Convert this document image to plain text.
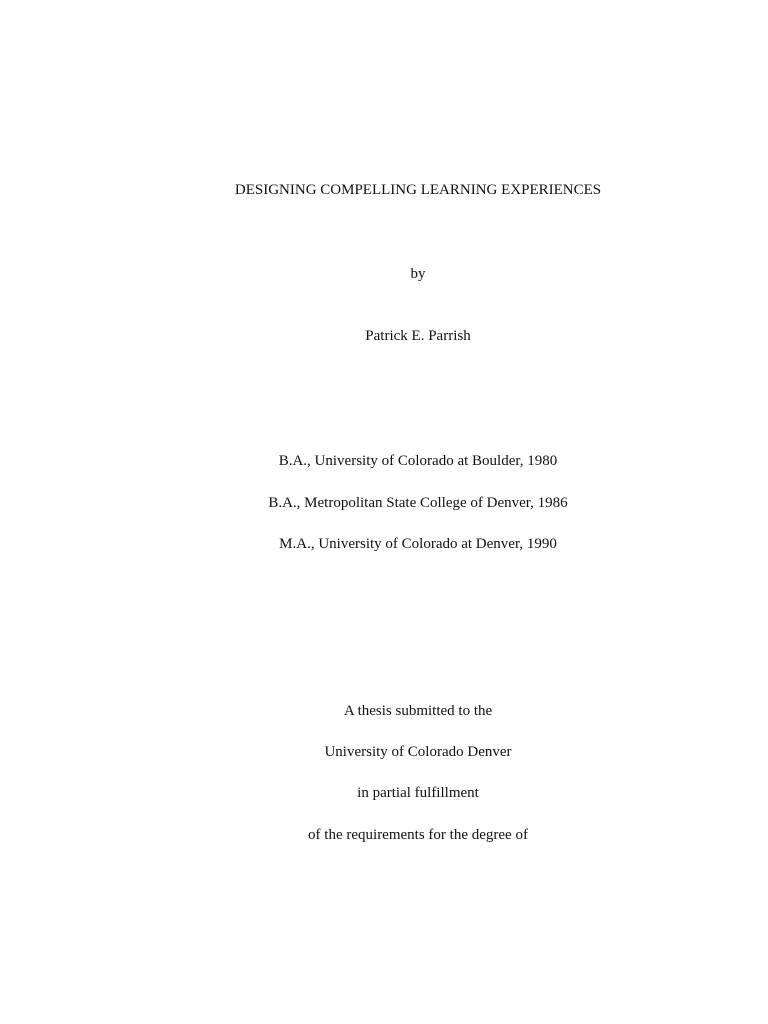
DESIGNING COMPELLING LEARNING EXPERIENCES
by
Patrick E. Parrish
B.A., University of Colorado at Boulder, 1980
B.A., Metropolitan State College of Denver, 1986
M.A., University of Colorado at Denver, 1990
A thesis submitted to the
University of Colorado Denver
in partial fulfillment
of the requirements for the degree of
